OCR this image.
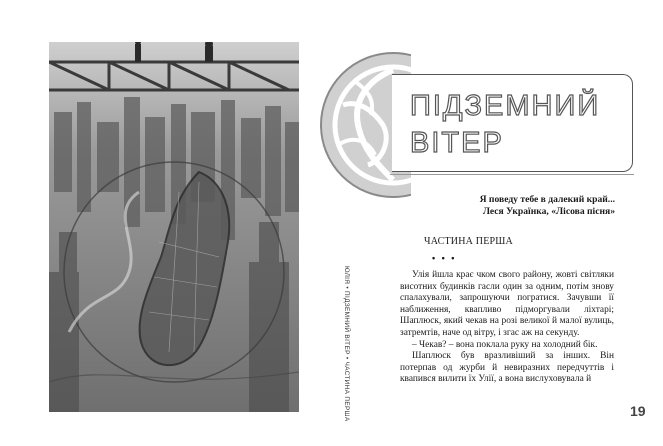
ЮЛІЯ • ПІДЗЕМНИЙ ВІТЕР • ЧАСТИНА ПЕРША
ПІДЗЕМНИЙ
ВІТЕР
Я поведу тебе в далекий край...
Леся Українка, «Лісова пісня»
ЧАСТИНА ПЕРША
• • •

Улія йшла крає чком свого району, жовті світляки висотних будинків гасли один за одним, потім знову спалахували, запрошуючи погратися. Зачувши її наближення, квапливо підморгували ліхтарі; Шаплюск, який чекав на розі великої й малої вулиць, затремтів, наче од вітру, і згас аж на секунду.

– Чекав? – вона поклала руку на холодний бік.

Шаплюск був вразливіший за інших. Він потерпав од журби й невиразних передчуттів і квапився вилити їх Улії, а вона вислуховувала й

19
